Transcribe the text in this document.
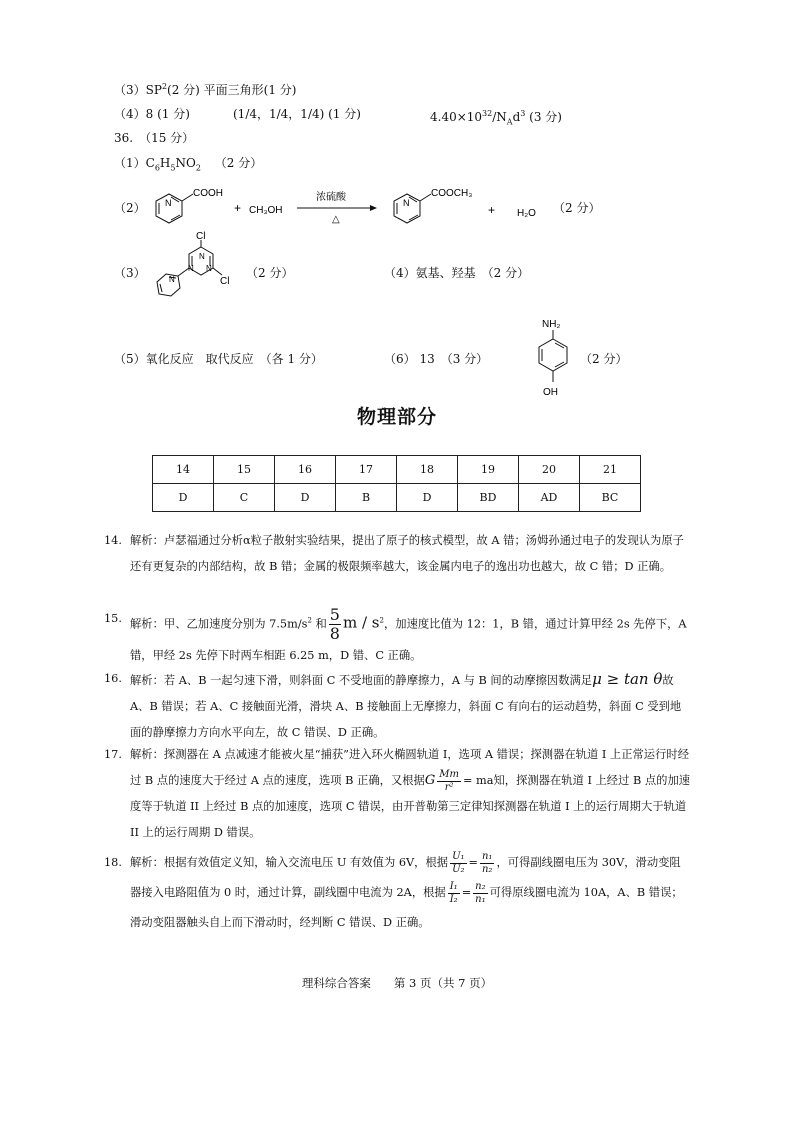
$(3)SP^2(2$ 分) 平面三角形(1 分)
（4）8 (1 分)	(1/4，1/4，1/4) (1 分)	$4.40\times 10^{32}/N_Ad^3$ (3 分)
36.　（15 分）
$(1)C_6H_5NO_2$ （2 分）
（2） N
COOH
+ CH₃OH
浓硫酸
△
N
COOCH₃
+ H₂O （2 分）
（3）
Cl
Cl
N
N N
N	（2 分）	（4）氨基、羟基　（2 分）
（5）氧化反应　取代反应　（各 1 分）	（6） 13　（3 分）
NH₂
OH
（2 分）
物理部分
14	15	16	17	18	19	20	21
D	C	D	B	D	BD	AD	BC
14. 解析：卢瑟福通过分析α粒子散射实验结果，提出了原子的核式模型，故 A 错；汤姆孙通过电子的发现认为原子还有更复杂的内部结构，故 B 错；金属的极限频率越大，该金属内电子的逸出功也越大，故 C 错；D 正确。
15. 解析：甲、乙加速度分别为 $7.5m/s^2$ 和 $\frac{5}{8}$ m / $s^2$，加速度比值为 12：1，B 错，通过计算甲经 2s 先停下，A 错，甲经 2s 先停下时两车相距 6.25 m，D 错、C 正确。
16. 解析：若 A、B 一起匀速下滑，则斜面 C 不受地面的静摩擦力，A 与 B 间的动摩擦因数满足μ ≥ tan θ故 A、B 错误；若 A、C 接触面光滑，滑块 A、B 接触面上无摩擦力，斜面 C 有向右的运动趋势，斜面 C 受到地面的静摩擦力方向水平向左，故 C 错误、D 正确。
17. 解析：探测器在 A 点减速才能被火星“捕获”进入环火椭圆轨道 I，选项 A 错误；探测器在轨道 I 上正常运行时经过 B 点的速度大于经过 A 点的速度，选项 B 正确，又根据G $\frac{Mm}{\text{r²}}$ = ma知，探测器在轨道 I 上经过 B 点的加速度等于轨道 II 上经过 B 点的加速度，选项 C 错误，由开普勒第三定律知探测器在轨道 I 上的运行周期大于轨道 II 上的运行周期 D 错误。
18. 解析：根据有效值定义知，输入交流电压 U 有效值为 6V，根据 $\frac{\text{U₁}}{\text{U₂}} = \frac{\text{n₁}}{\text{n₂}}$ ，可得副线圈电压为 30V，滑动变阻器接入电路阻值为 0 时，通过计算，副线圈中电流为 2A，根据 $\frac{\text{I₁}}{\text{I₂}} = \frac{\text{n₂}}{\text{n₁}}$ 可得原线圈电流为 10A，A、B 错误；滑动变阻器触头自上而下滑动时，经判断 C 错误、D 正确。
理科综合答案　　第 3 页（共 7 页）
